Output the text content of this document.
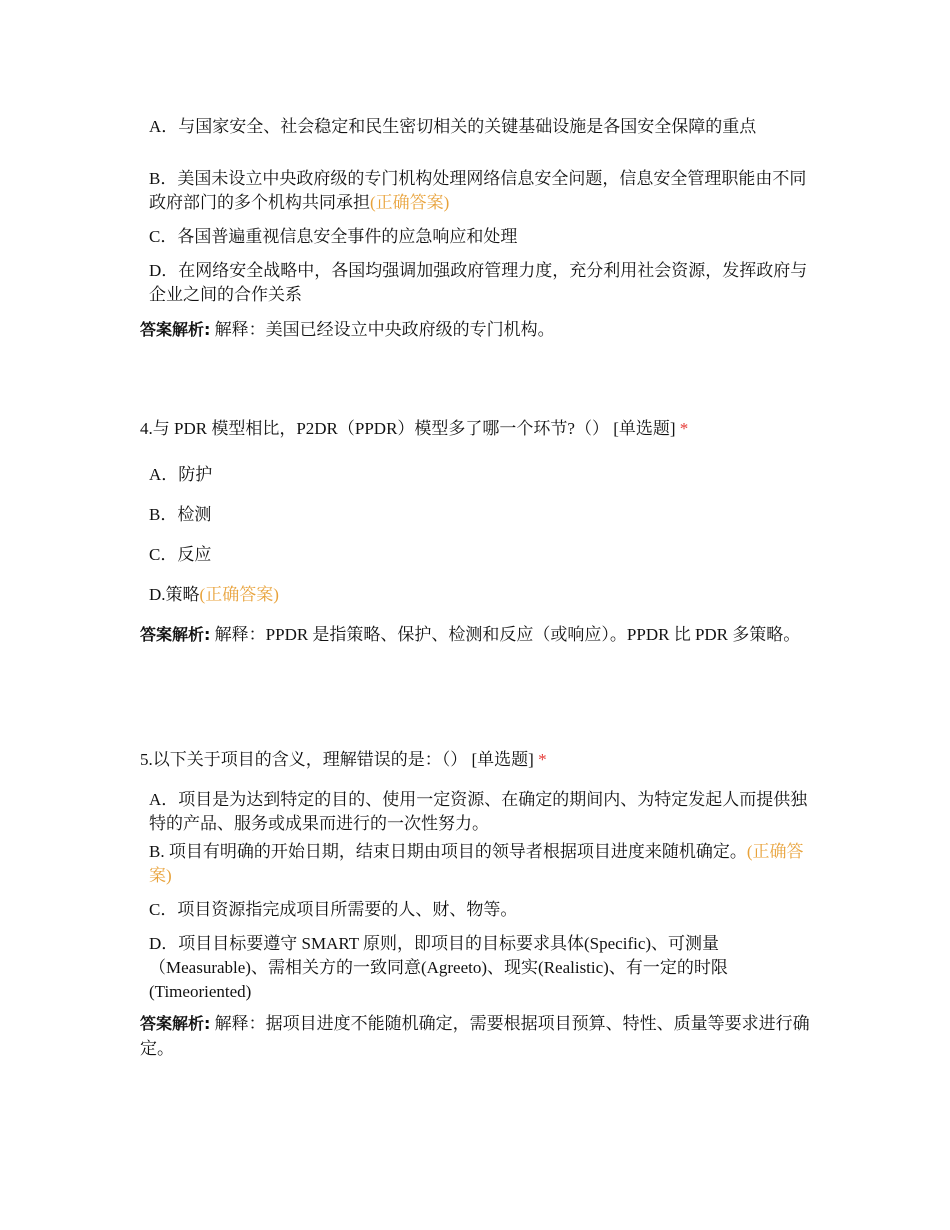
A．与国家安全、社会稳定和民生密切相关的关键基础设施是各国安全保障的重点

B．美国未设立中央政府级的专门机构处理网络信息安全问题，信息安全管理职能由不同政府部门的多个机构共同承担(正确答案)

C．各国普遍重视信息安全事件的应急响应和处理

D．在网络安全战略中，各国均强调加强政府管理力度，充分利用社会资源，发挥政府与企业之间的合作关系

答案解析: 解释：美国已经设立中央政府级的专门机构。

4.与 PDR 模型相比，P2DR（PPDR）模型多了哪一个环节?（） [单选题] *

A．防护

B．检测

C．反应

D.策略(正确答案)

答案解析: 解释：PPDR 是指策略、保护、检测和反应（或响应）。PPDR 比 PDR 多策略。

5.以下关于项目的含义，理解错误的是：（） [单选题] *

A．项目是为达到特定的目的、使用一定资源、在确定的期间内、为特定发起人而提供独特的产品、服务或成果而进行的一次性努力。

B. 项目有明确的开始日期，结束日期由项目的领导者根据项目进度来随机确定。(正确答案)

C．项目资源指完成项目所需要的人、财、物等。

D．项目目标要遵守 SMART 原则，即项目的目标要求具体(Specific)、可测量（Measurable)、需相关方的一致同意(Agreeto)、现实(Realistic)、有一定的时限(Timeoriented)

答案解析: 解释：据项目进度不能随机确定，需要根据项目预算、特性、质量等要求进行确定。
